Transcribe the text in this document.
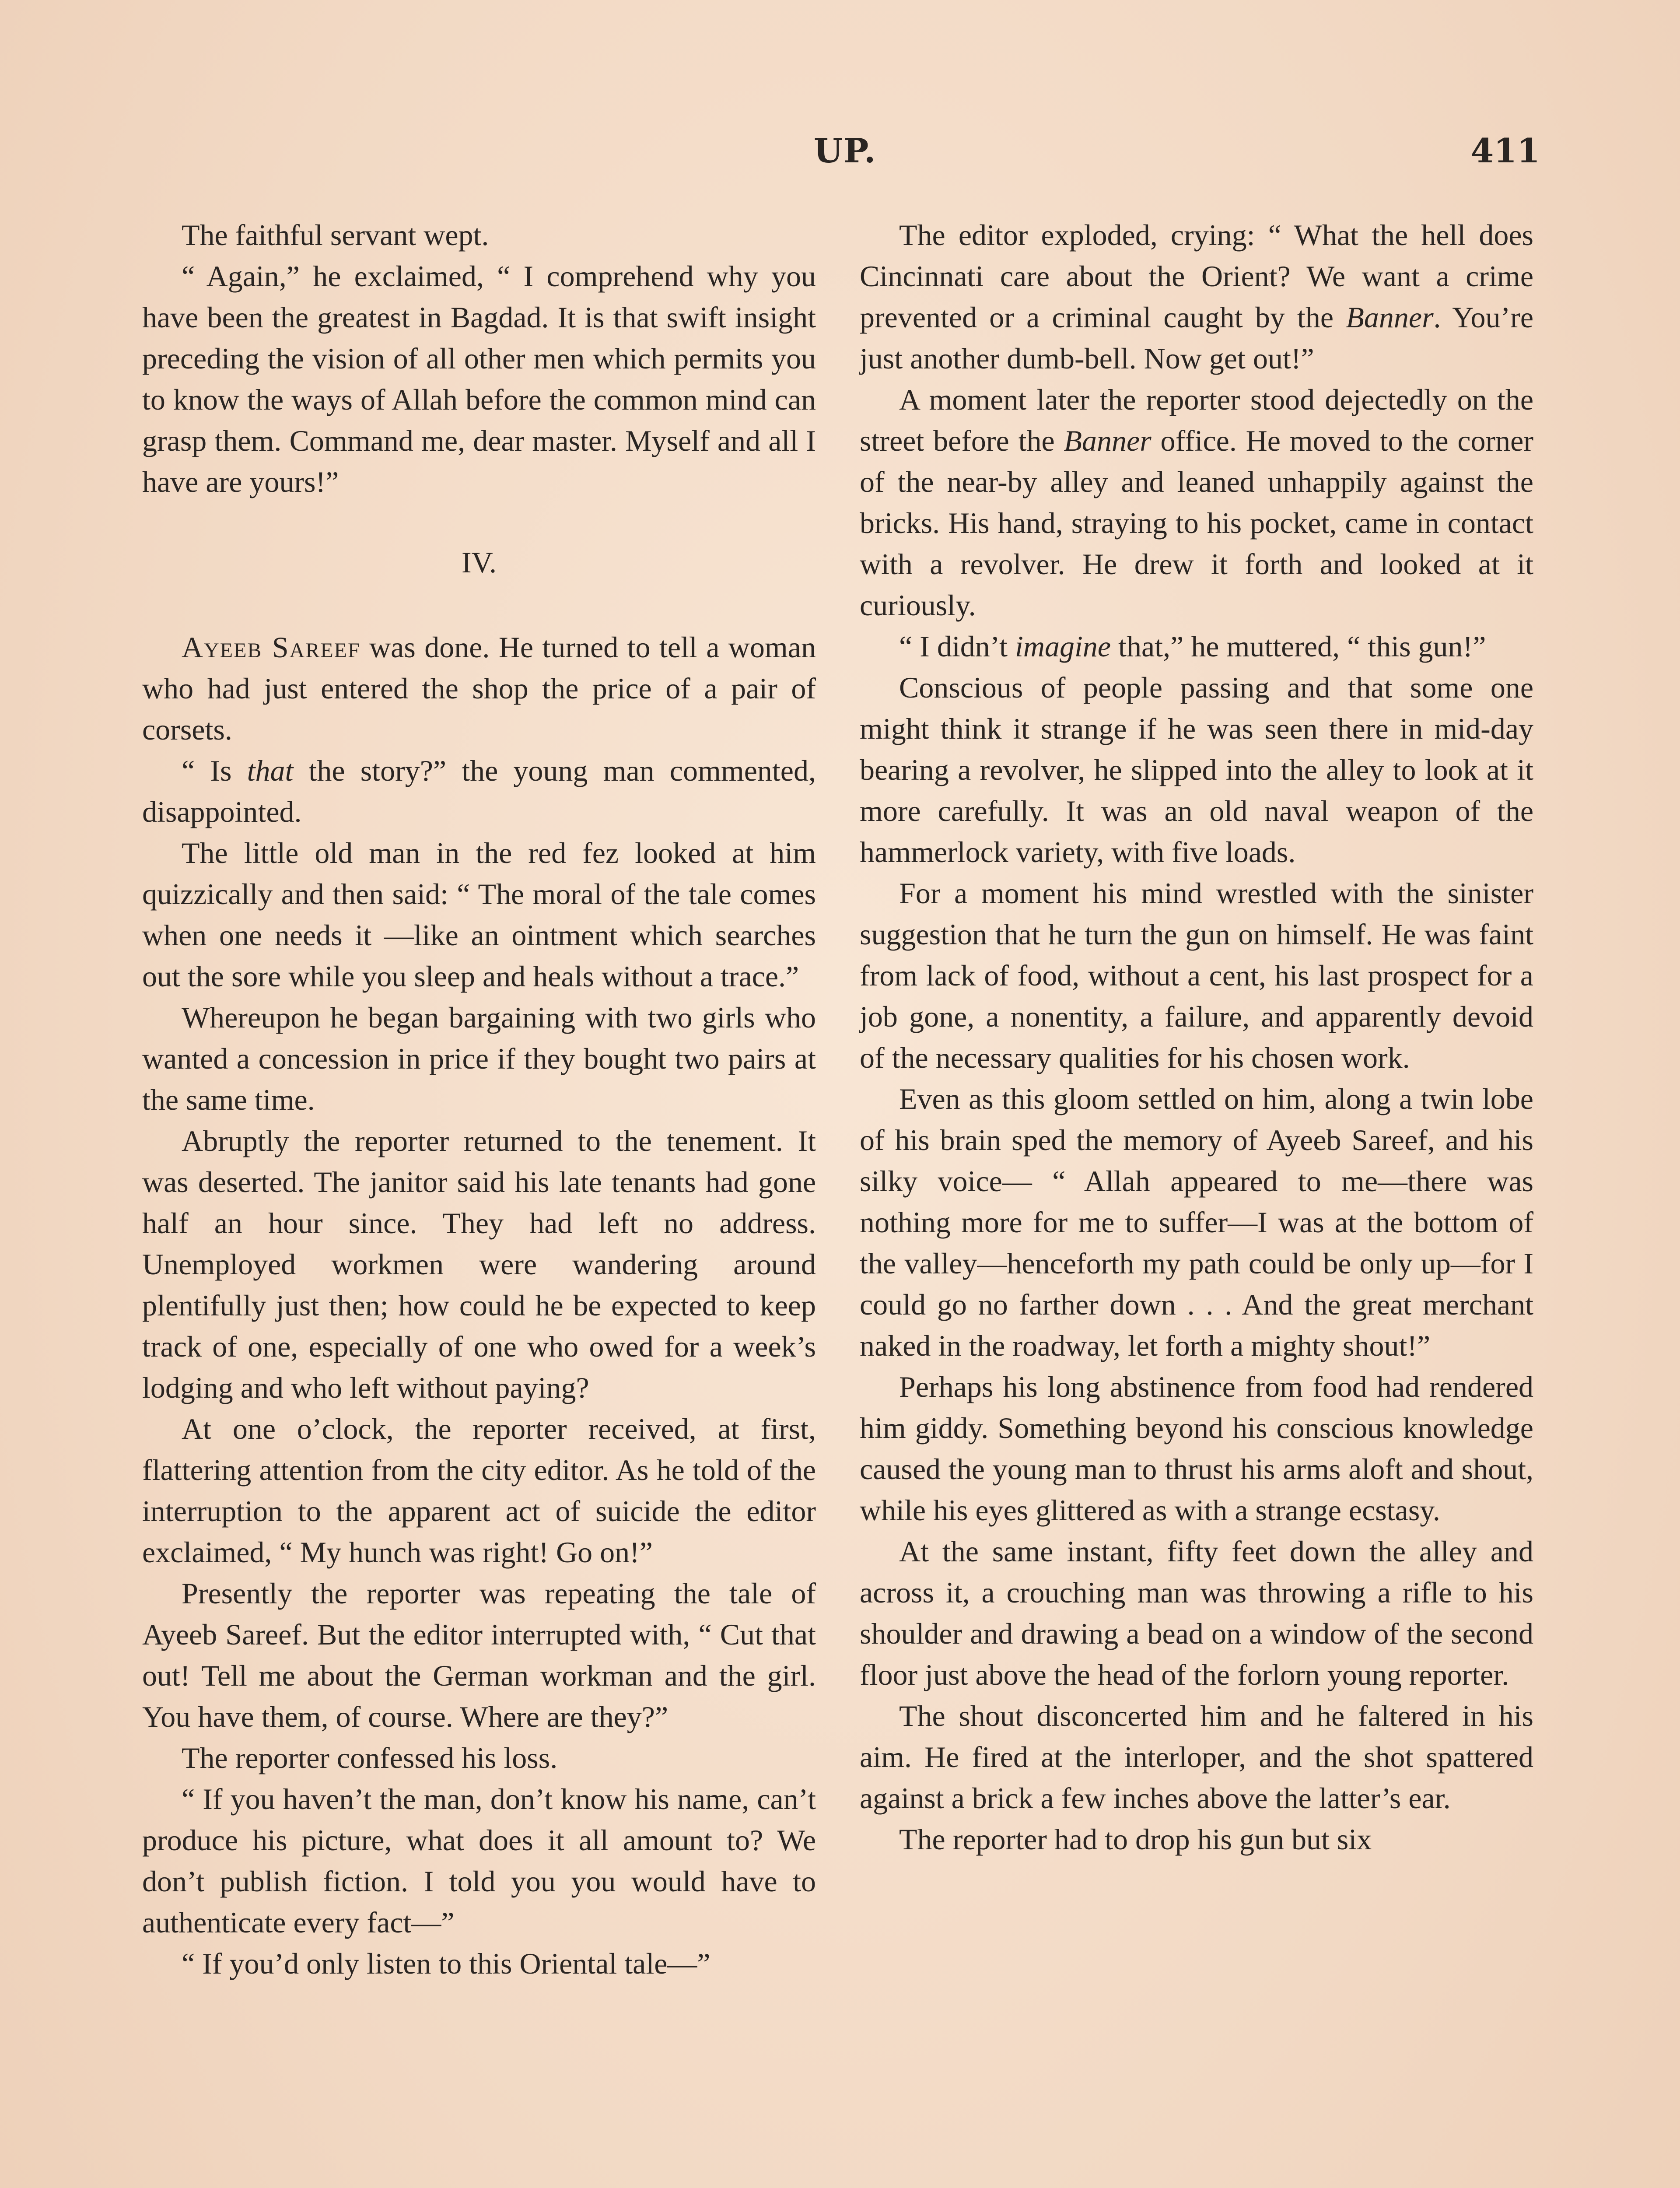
UP.	411

The faithful servant wept.

“ Again,” he exclaimed, “ I comprehend why you have been the greatest in Bagdad. It is that swift insight preceding the vision of all other men which permits you to know the ways of Allah before the common mind can grasp them. Command me, dear master. Myself and all I have are yours!”

IV.

Ayeeb Sareef was done. He turned to tell a woman who had just entered the shop the price of a pair of corsets.

“ Is that the story?” the young man commented, disappointed.

The little old man in the red fez looked at him quizzically and then said: “ The moral of the tale comes when one needs it —like an ointment which searches out the sore while you sleep and heals without a trace.”

Whereupon he began bargaining with two girls who wanted a concession in price if they bought two pairs at the same time.

Abruptly the reporter returned to the tenement. It was deserted. The janitor said his late tenants had gone half an hour since. They had left no address. Unemployed workmen were wandering around plentifully just then; how could he be expected to keep track of one, especially of one who owed for a week’s lodging and who left without paying?

At one o’clock, the reporter received, at first, flattering attention from the city editor. As he told of the interruption to the apparent act of suicide the editor exclaimed, “ My hunch was right! Go on!”

Presently the reporter was repeating the tale of Ayeeb Sareef. But the editor interrupted with, “ Cut that out! Tell me about the German workman and the girl. You have them, of course. Where are they?”

The reporter confessed his loss.

“ If you haven’t the man, don’t know his name, can’t produce his picture, what does it all amount to? We don’t publish fiction. I told you you would have to authenticate every fact—”

“ If you’d only listen to this Oriental tale—”

The editor exploded, crying: “ What the hell does Cincinnati care about the Orient? We want a crime prevented or a criminal caught by the Banner. You’re just another dumb-bell. Now get out!”

A moment later the reporter stood dejectedly on the street before the Banner office. He moved to the corner of the near-by alley and leaned unhappily against the bricks. His hand, straying to his pocket, came in contact with a revolver. He drew it forth and looked at it curiously.

“ I didn’t imagine that,” he muttered, “ this gun!”

Conscious of people passing and that some one might think it strange if he was seen there in mid-day bearing a revolver, he slipped into the alley to look at it more carefully. It was an old naval weapon of the hammerlock variety, with five loads.

For a moment his mind wrestled with the sinister suggestion that he turn the gun on himself. He was faint from lack of food, without a cent, his last prospect for a job gone, a nonentity, a failure, and apparently devoid of the necessary qualities for his chosen work.

Even as this gloom settled on him, along a twin lobe of his brain sped the memory of Ayeeb Sareef, and his silky voice— “ Allah appeared to me—there was nothing more for me to suffer—I was at the bottom of the valley—henceforth my path could be only up—for I could go no farther down . . . And the great merchant naked in the roadway, let forth a mighty shout!”

Perhaps his long abstinence from food had rendered him giddy. Something beyond his conscious knowledge caused the young man to thrust his arms aloft and shout, while his eyes glittered as with a strange ecstasy.

At the same instant, fifty feet down the alley and across it, a crouching man was throwing a rifle to his shoulder and drawing a bead on a window of the second floor just above the head of the forlorn young reporter.

The shout disconcerted him and he faltered in his aim. He fired at the interloper, and the shot spattered against a brick a few inches above the latter’s ear.

The reporter had to drop his gun but six
